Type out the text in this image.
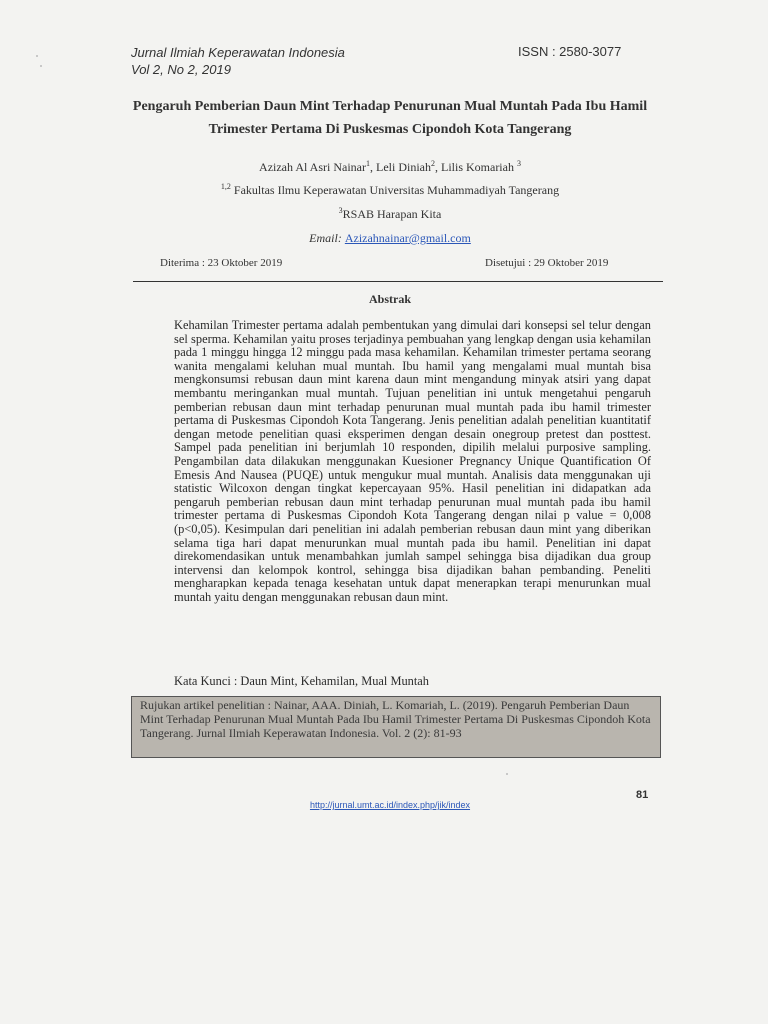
Jurnal Ilmiah Keperawatan Indonesia
Vol 2, No 2, 2019
ISSN : 2580-3077
Pengaruh Pemberian Daun Mint Terhadap Penurunan Mual Muntah Pada Ibu Hamil Trimester Pertama Di Puskesmas Cipondoh Kota Tangerang
Azizah Al Asri Nainar$^1$, Leli Diniah$^2$, Lilis Komariah $^3$
$^{1,2}$ Fakultas Ilmu Keperawatan Universitas Muhammadiyah Tangerang
$^3$RSAB Harapan Kita
Email: Azizahnainar@gmail.com
Diterima : 23 Oktober 2019	Disetujui : 29 Oktober 2019
Abstrak
Kehamilan Trimester pertama adalah pembentukan yang dimulai dari konsepsi sel telur dengan sel sperma. Kehamilan yaitu proses terjadinya pembuahan yang lengkap dengan usia kehamilan pada 1 minggu hingga 12 minggu pada masa kehamilan. Kehamilan trimester pertama seorang wanita mengalami keluhan mual muntah. Ibu hamil yang mengalami mual muntah bisa mengkonsumsi rebusan daun mint karena daun mint mengandung minyak atsiri yang dapat membantu meringankan mual muntah. Tujuan penelitian ini untuk mengetahui pengaruh pemberian rebusan daun mint terhadap penurunan mual muntah pada ibu hamil trimester pertama di Puskesmas Cipondoh Kota Tangerang. Jenis penelitian adalah penelitian kuantitatif dengan metode penelitian quasi eksperimen dengan desain onegroup pretest dan posttest. Sampel pada penelitian ini berjumlah 10 responden, dipilih melalui purposive sampling. Pengambilan data dilakukan menggunakan Kuesioner Pregnancy Unique Quantification Of Emesis And Nausea (PUQE) untuk mengukur mual muntah. Analisis data menggunakan uji statistic Wilcoxon dengan tingkat kepercayaan 95%. Hasil penelitian ini didapatkan ada pengaruh pemberian rebusan daun mint terhadap penurunan mual muntah pada ibu hamil trimester pertama di Puskesmas Cipondoh Kota Tangerang dengan nilai p value = 0,008 (p<0,05). Kesimpulan dari penelitian ini adalah pemberian rebusan daun mint yang diberikan selama tiga hari dapat menurunkan mual muntah pada ibu hamil. Penelitian ini dapat direkomendasikan untuk menambahkan jumlah sampel sehingga bisa dijadikan dua group intervensi dan kelompok kontrol, sehingga bisa dijadikan bahan pembanding. Peneliti mengharapkan kepada tenaga kesehatan untuk dapat menerapkan terapi menurunkan mual muntah yaitu dengan menggunakan rebusan daun mint.
Kata Kunci : Daun Mint, Kehamilan, Mual Muntah
Rujukan artikel penelitian : Nainar, AAA. Diniah, L. Komariah, L. (2019). Pengaruh Pemberian Daun Mint Terhadap Penurunan Mual Muntah Pada Ibu Hamil Trimester Pertama Di Puskesmas Cipondoh Kota Tangerang. Jurnal Ilmiah Keperawatan Indonesia. Vol. 2 (2): 81-93
81
http://jurnal.umt.ac.id/index.php/jik/index
